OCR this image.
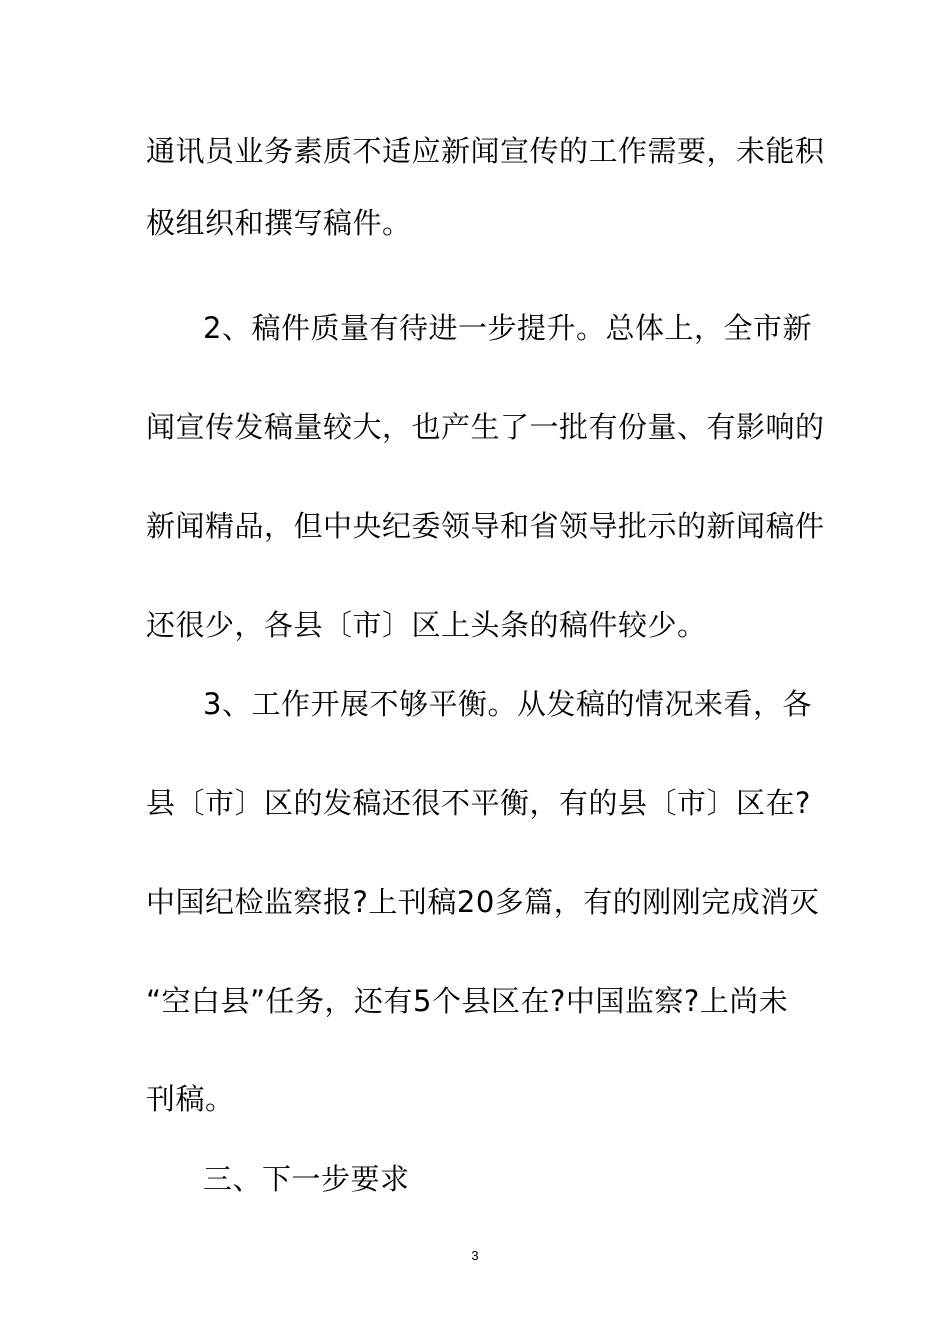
通讯员业务素质不适应新闻宣传的工作需要，未能积
极组织和撰写稿件。
2、稿件质量有待进一步提升。总体上，全市新
闻宣传发稿量较大，也产生了一批有份量、有影响的
新闻精品，但中央纪委领导和省领导批示的新闻稿件
还很少，各县〔市〕区上头条的稿件较少。
3、工作开展不够平衡。从发稿的情况来看，各
县〔市〕区的发稿还很不平衡，有的县〔市〕区在?
中国纪检监察报?上刊稿20多篇，有的刚刚完成消灭
“空白县”任务，还有5个县区在?中国监察?上尚未
刊稿。
三、下一步要求
3
